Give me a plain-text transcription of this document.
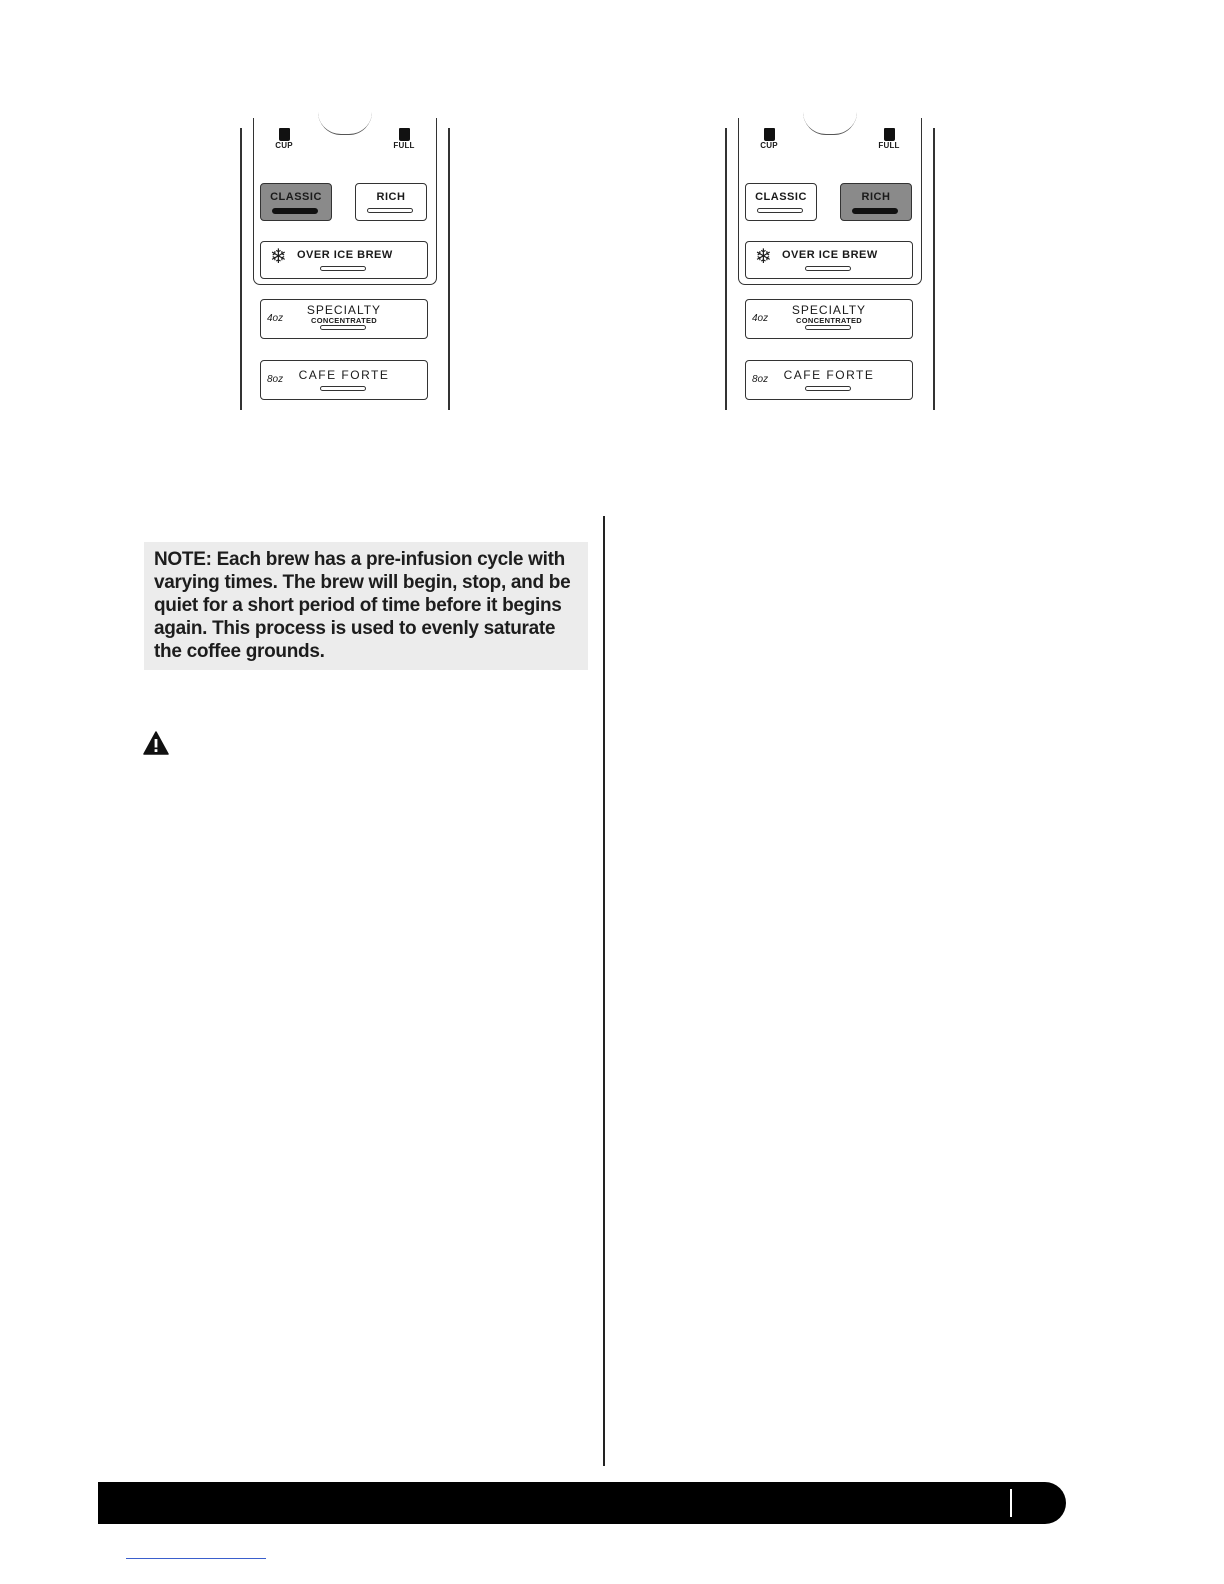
CUP	FULL
CLASSIC	RICH
❄ OVER ICE BREW
4oz
SPECIALTY
CONCENTRATED
8oz	CAFE FORTE
CUP	FULL
CLASSIC	RICH
❄ OVER ICE BREW
4oz
SPECIALTY
CONCENTRATED
8oz	CAFE FORTE
NOTE: Each brew has a pre-infusion cycle with varying times. The brew will begin, stop, and be quiet for a short period of time before it begins again. This process is used to evenly saturate the coffee grounds.
